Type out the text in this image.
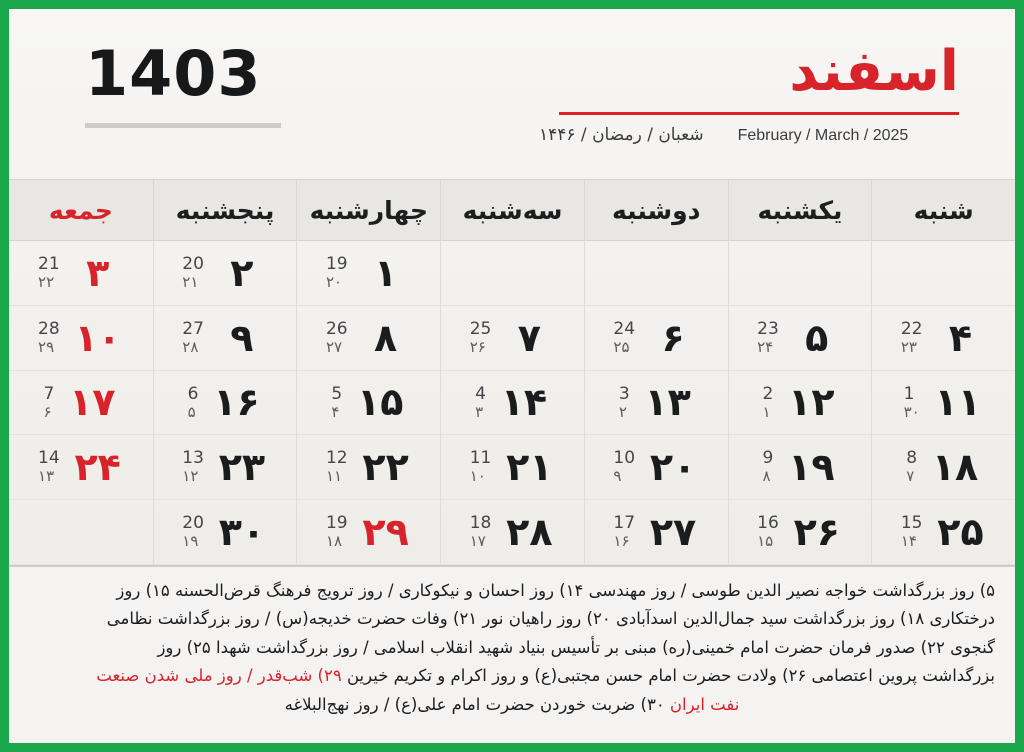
اسفند
شعبان / رمضان / ۱۴۴۶ February / March / 2025
1403
شنبه
یکشنبه
دوشنبه
سه‌شنبه
چهارشنبه
پنجشنبه
جمعه
۱
19
۲۰
۲
20
۲۱
۳
21
۲۲
۴
22
۲۳
۵
23
۲۴
۶
24
۲۵
۷
25
۲۶
۸
26
۲۷
۹
27
۲۸
۱۰
28
۲۹
۱۱
1
۳۰
۱۲
2
۱
۱۳
3
۲
۱۴
4
۳
۱۵
5
۴
۱۶
6
۵
۱۷
7
۶
۱۸
8
۷
۱۹
9
۸
۲۰
10
۹
۲۱
11
۱۰
۲۲
12
۱۱
۲۳
13
۱۲
۲۴
14
۱۳
۲۵
15
۱۴
۲۶
16
۱۵
۲۷
17
۱۶
۲۸
18
۱۷
۲۹
19
۱۸
۳۰
20
۱۹
۵) روز بزرگداشت خواجه نصیر الدین طوسی / روز مهندسی ۱۴) روز احسان و نیکوکاری / روز ترویج فرهنگ قرض‌الحسنه ۱۵) روز
درختکاری ۱۸) روز بزرگداشت سید جمال‌الدین اسدآبادی ۲۰) روز راهیان نور ۲۱) وفات حضرت خدیجه(س) / روز بزرگداشت نظامی
گنجوی ۲۲) صدور فرمان حضرت امام خمینی(ره) مبنی بر تأسیس بنیاد شهید انقلاب اسلامی / روز بزرگداشت شهدا ۲۵) روز
بزرگداشت پروین اعتصامی ۲۶) ولادت حضرت امام حسن مجتبی(ع) و روز اکرام و تکریم خیرین ۲۹) شب‌قدر / روز ملی شدن صنعت
نفت ایران ۳۰) ضربت خوردن حضرت امام علی(ع) / روز نهج‌البلاغه
